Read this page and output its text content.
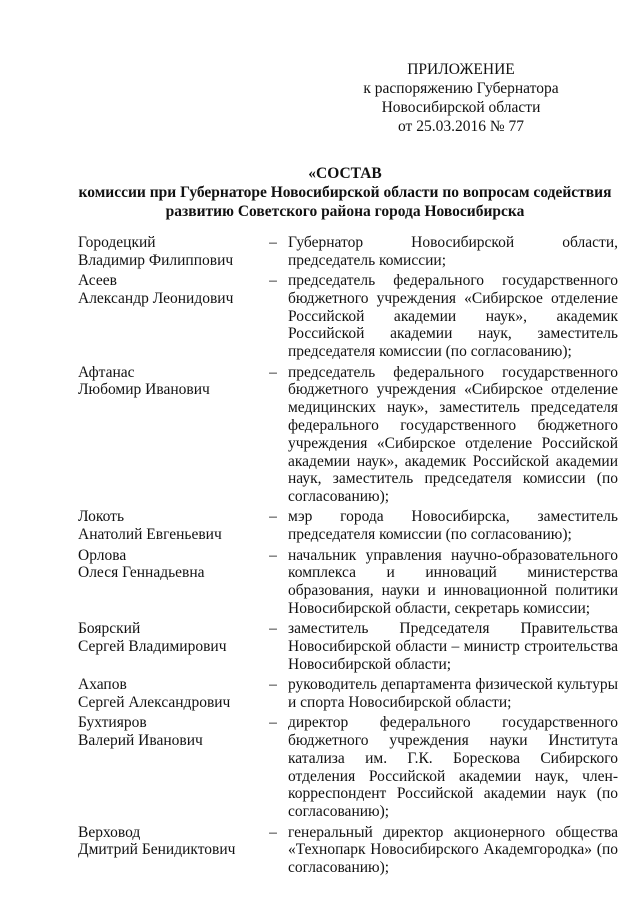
ПРИЛОЖЕНИЕ
к распоряжению Губернатора
Новосибирской области
от 25.03.2016 № 77
«СОСТАВ
комиссии при Губернаторе Новосибирской области по вопросам содействия
развитию Советского района города Новосибирска
Городецкий
Владимир Филиппович
– Губернатор Новосибирской области, председатель комиссии;
Асеев
Александр Леонидович
– председатель федерального государственного бюджетного учреждения «Сибирское отделение Российской академии наук», академик Российской академии наук, заместитель председателя комиссии (по согласованию);
Афтанас
Любомир Иванович
– председатель федерального государственного бюджетного учреждения «Сибирское отделение медицинских наук», заместитель председателя федерального государственного бюджетного учреждения «Сибирское отделение Российской академии наук», академик Российской академии наук, заместитель председателя комиссии (по согласованию);
Локоть
Анатолий Евгеньевич
– мэр города Новосибирска, заместитель председателя комиссии (по согласованию);
Орлова
Олеся Геннадьевна
– начальник управления научно-образовательного комплекса и инноваций министерства образования, науки и инновационной политики Новосибирской области, секретарь комиссии;
Боярский
Сергей Владимирович
– заместитель Председателя Правительства Новосибирской области – министр строительства Новосибирской области;
Ахапов
Сергей Александрович
– руководитель департамента физической культуры и спорта Новосибирской области;
Бухтияров
Валерий Иванович
– директор федерального государственного бюджетного учреждения науки Института катализа им. Г.К. Борескова Сибирского отделения Российской академии наук, член-корреспондент Российской академии наук (по согласованию);
Верховод
Дмитрий Бенидиктович
– генеральный директор акционерного общества «Технопарк Новосибирского Академгородка» (по согласованию);
